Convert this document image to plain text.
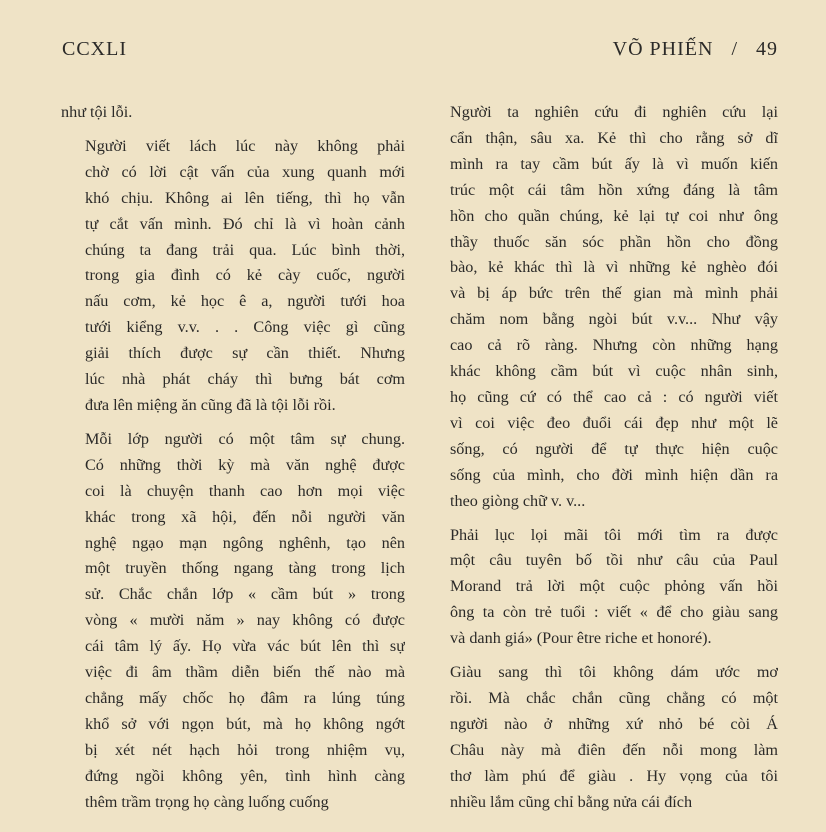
CCXLI	VÕ PHIẾN / 49

như tội lỗi.

Người viết lách lúc này không phải
chờ có lời cật vấn của xung quanh mới
khó chịu. Không ai lên tiếng, thì họ vẫn
tự cắt vấn mình. Đó chỉ là vì hoàn cảnh
chúng ta đang trải qua. Lúc bình thời,
trong gia đình có kẻ cày cuốc, người
nấu cơm, kẻ học ê a, người tưới hoa
tưới kiểng v.v. . . Công việc gì cũng
giải thích được sự cần thiết. Nhưng
lúc nhà phát cháy thì bưng bát cơm
đưa lên miệng ăn cũng đã là tội lỗi rồi.

Mỗi lớp người có một tâm sự chung.
Có những thời kỳ mà văn nghệ được
coi là chuyện thanh cao hơn mọi việc
khác trong xã hội, đến nỗi người văn
nghệ ngạo mạn ngông nghênh, tạo nên
một truyền thống ngang tàng trong lịch
sử. Chắc chắn lớp « cầm bút » trong
vòng « mười năm » nay không có được
cái tâm lý ấy. Họ vừa vác bút lên thì sự
việc đi âm thầm diễn biến thế nào mà
chẳng mấy chốc họ đâm ra lúng túng
khổ sở với ngọn bút, mà họ không ngớt
bị xét nét hạch hỏi trong nhiệm vụ,
đứng ngồi không yên, tình hình càng
thêm trầm trọng họ càng luống cuống

Người ta nghiên cứu đi nghiên cứu lại
cẩn thận, sâu xa. Kẻ thì cho rằng sở dĩ
mình ra tay cầm bút ấy là vì muốn kiến
trúc một cái tâm hồn xứng đáng là tâm
hồn cho quần chúng, kẻ lại tự coi như ông
thầy thuốc săn sóc phần hồn cho đồng
bào, kẻ khác thì là vì những kẻ nghèo đói
và bị áp bức trên thế gian mà mình phải
chăm nom bằng ngòi bút v.v... Như vậy
cao cả rõ ràng. Nhưng còn những hạng
khác không cầm bút vì cuộc nhân sinh,
họ cũng cứ có thể cao cả : có người viết
vì coi việc đeo đuổi cái đẹp như một lẽ
sống, có người để tự thực hiện cuộc
sống của mình, cho đời mình hiện dần ra
theo giòng chữ v. v...

Phải lục lọi mãi tôi mới tìm ra được
một câu tuyên bố tồi như câu của Paul
Morand trả lời một cuộc phỏng vấn hồi
ông ta còn trẻ tuổi : viết « để cho giàu sang
và danh giá» (Pour être riche et honoré).

Giàu sang thì tôi không dám ước mơ
rồi. Mà chắc chắn cũng chẳng có một
người nào ở những xứ nhỏ bé còi Á
Châu này mà điên đến nỗi mong làm
thơ làm phú để giàu . Hy vọng của tôi
nhiều lắm cũng chỉ bằng nửa cái đích
